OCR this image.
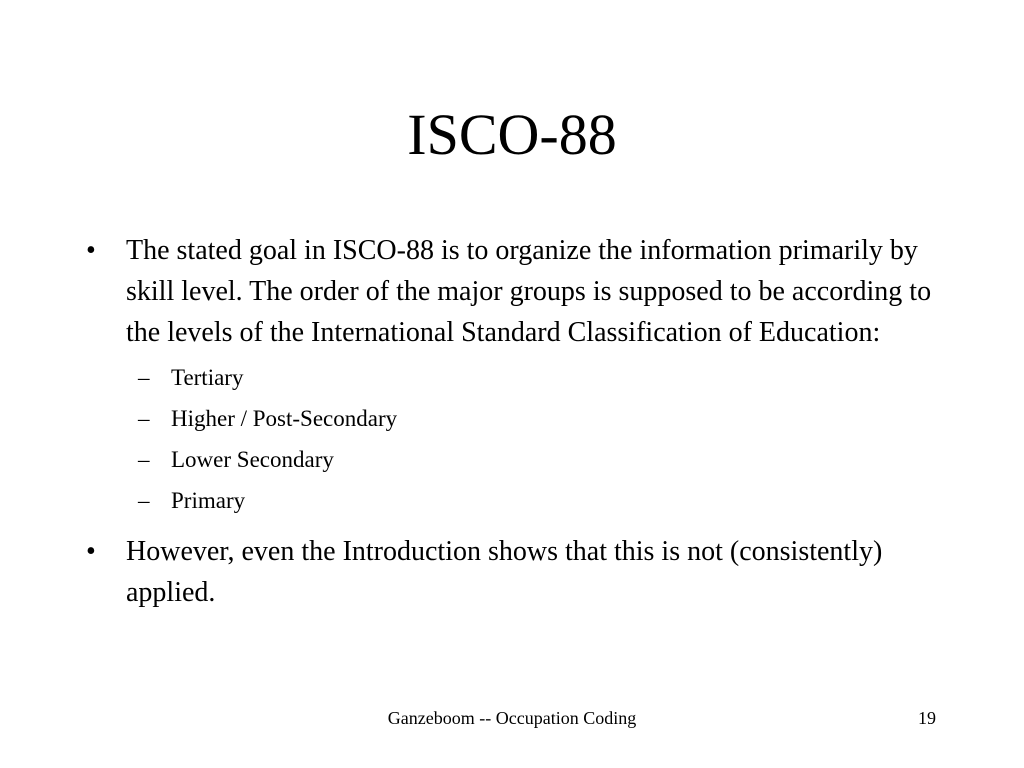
ISCO-88
•	The stated goal in ISCO-88 is to organize the information primarily by skill level. The order of the major groups is supposed to be according to the levels of the International Standard Classification of Education:
– Tertiary
– Higher / Post-Secondary
– Lower Secondary
– Primary
•	However, even the Introduction shows that this is not (consistently) applied.
Ganzeboom -- Occupation Coding	19
